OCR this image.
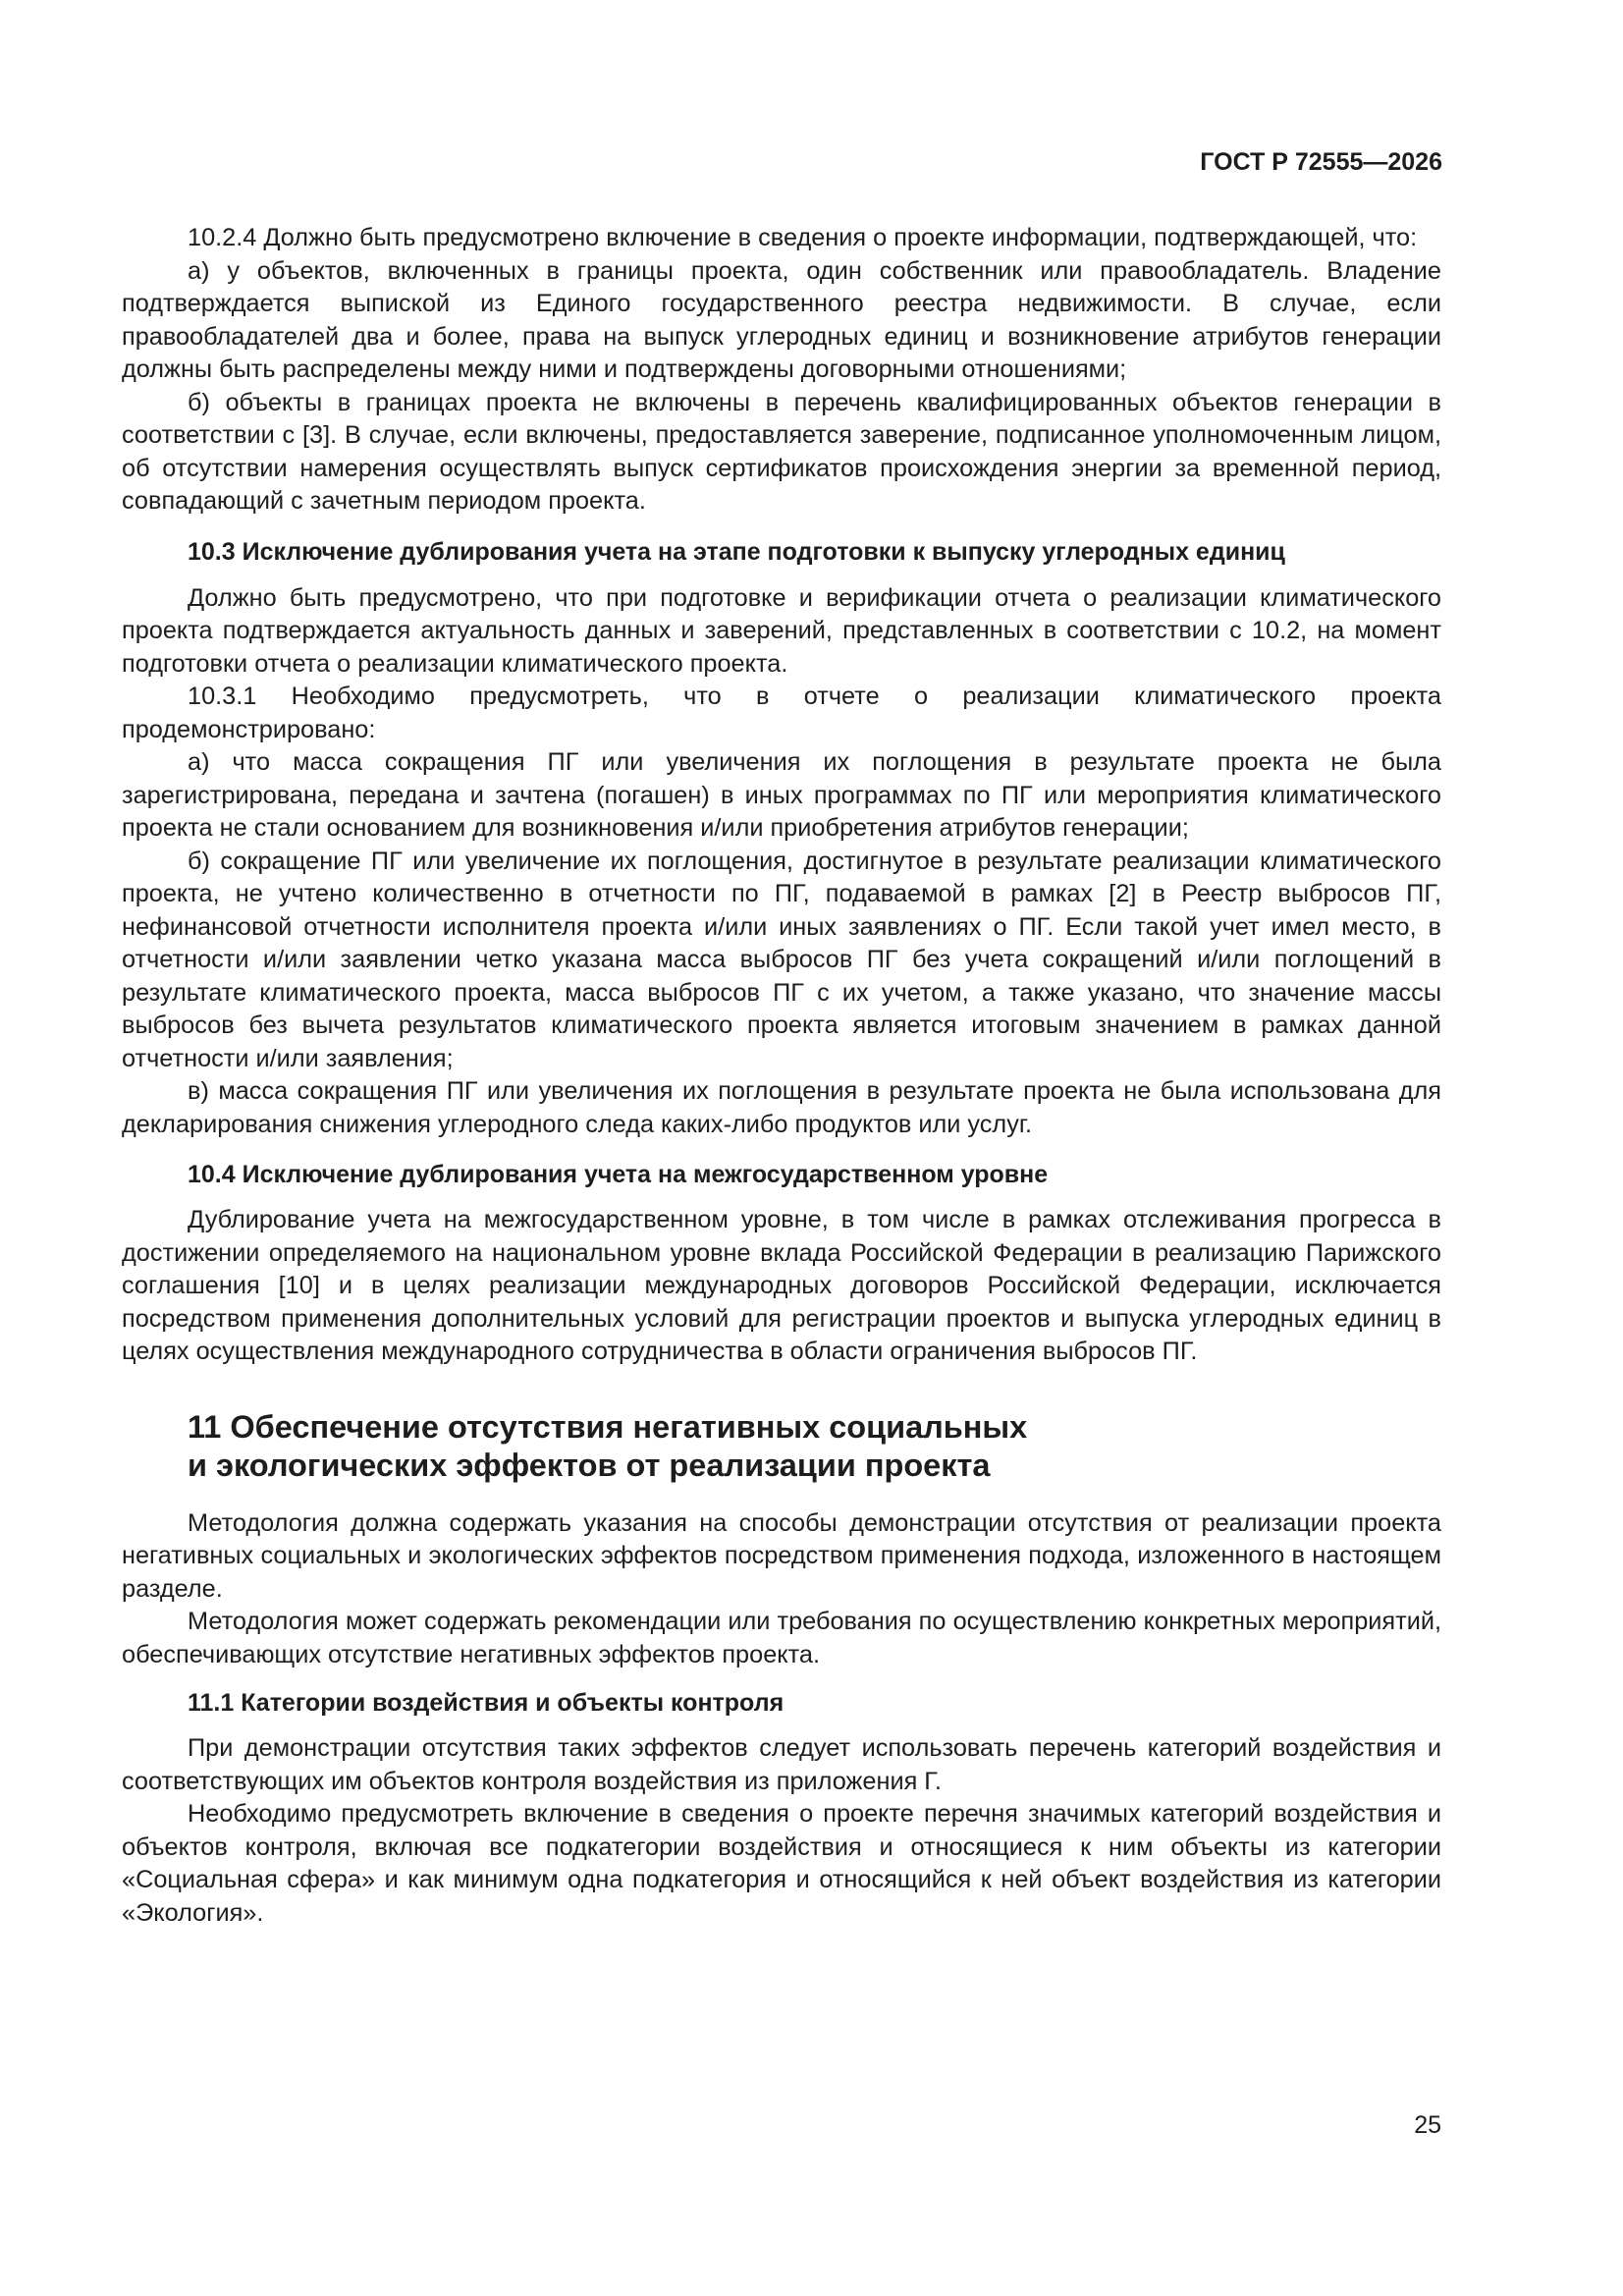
ГОСТ Р 72555—2026

10.2.4 Должно быть предусмотрено включение в сведения о проекте информации, подтверждающей, что:

а) у объектов, включенных в границы проекта, один собственник или правообладатель. Владение подтверждается выпиской из Единого государственного реестра недвижимости. В случае, если правообладателей два и более, права на выпуск углеродных единиц и возникновение атрибутов генерации должны быть распределены между ними и подтверждены договорными отношениями;

б) объекты в границах проекта не включены в перечень квалифицированных объектов генерации в соответствии с [3]. В случае, если включены, предоставляется заверение, подписанное уполномоченным лицом, об отсутствии намерения осуществлять выпуск сертификатов происхождения энергии за временной период, совпадающий с зачетным периодом проекта.

10.3 Исключение дублирования учета на этапе подготовки к выпуску углеродных единиц

Должно быть предусмотрено, что при подготовке и верификации отчета о реализации климатического проекта подтверждается актуальность данных и заверений, представленных в соответствии с 10.2, на момент подготовки отчета о реализации климатического проекта.

10.3.1 Необходимо предусмотреть, что в отчете о реализации климатического проекта продемонстрировано:

а) что масса сокращения ПГ или увеличения их поглощения в результате проекта не была зарегистрирована, передана и зачтена (погашен) в иных программах по ПГ или мероприятия климатического проекта не стали основанием для возникновения и/или приобретения атрибутов генерации;

б) сокращение ПГ или увеличение их поглощения, достигнутое в результате реализации климатического проекта, не учтено количественно в отчетности по ПГ, подаваемой в рамках [2] в Реестр выбросов ПГ, нефинансовой отчетности исполнителя проекта и/или иных заявлениях о ПГ. Если такой учет имел место, в отчетности и/или заявлении четко указана масса выбросов ПГ без учета сокращений и/или поглощений в результате климатического проекта, масса выбросов ПГ с их учетом, а также указано, что значение массы выбросов без вычета результатов климатического проекта является итоговым значением в рамках данной отчетности и/или заявления;

в) масса сокращения ПГ или увеличения их поглощения в результате проекта не была использована для декларирования снижения углеродного следа каких-либо продуктов или услуг.

10.4 Исключение дублирования учета на межгосударственном уровне

Дублирование учета на межгосударственном уровне, в том числе в рамках отслеживания прогресса в достижении определяемого на национальном уровне вклада Российской Федерации в реализацию Парижского соглашения [10] и в целях реализации международных договоров Российской Федерации, исключается посредством применения дополнительных условий для регистрации проектов и выпуска углеродных единиц в целях осуществления международного сотрудничества в области ограничения выбросов ПГ.

11 Обеспечение отсутствия негативных социальных
и экологических эффектов от реализации проекта

Методология должна содержать указания на способы демонстрации отсутствия от реализации проекта негативных социальных и экологических эффектов посредством применения подхода, изложенного в настоящем разделе.

Методология может содержать рекомендации или требования по осуществлению конкретных мероприятий, обеспечивающих отсутствие негативных эффектов проекта.

11.1 Категории воздействия и объекты контроля

При демонстрации отсутствия таких эффектов следует использовать перечень категорий воздействия и соответствующих им объектов контроля воздействия из приложения Г.

Необходимо предусмотреть включение в сведения о проекте перечня значимых категорий воздействия и объектов контроля, включая все подкатегории воздействия и относящиеся к ним объекты из категории «Социальная сфера» и как минимум одна подкатегория и относящийся к ней объект воздействия из категории «Экология».

25
